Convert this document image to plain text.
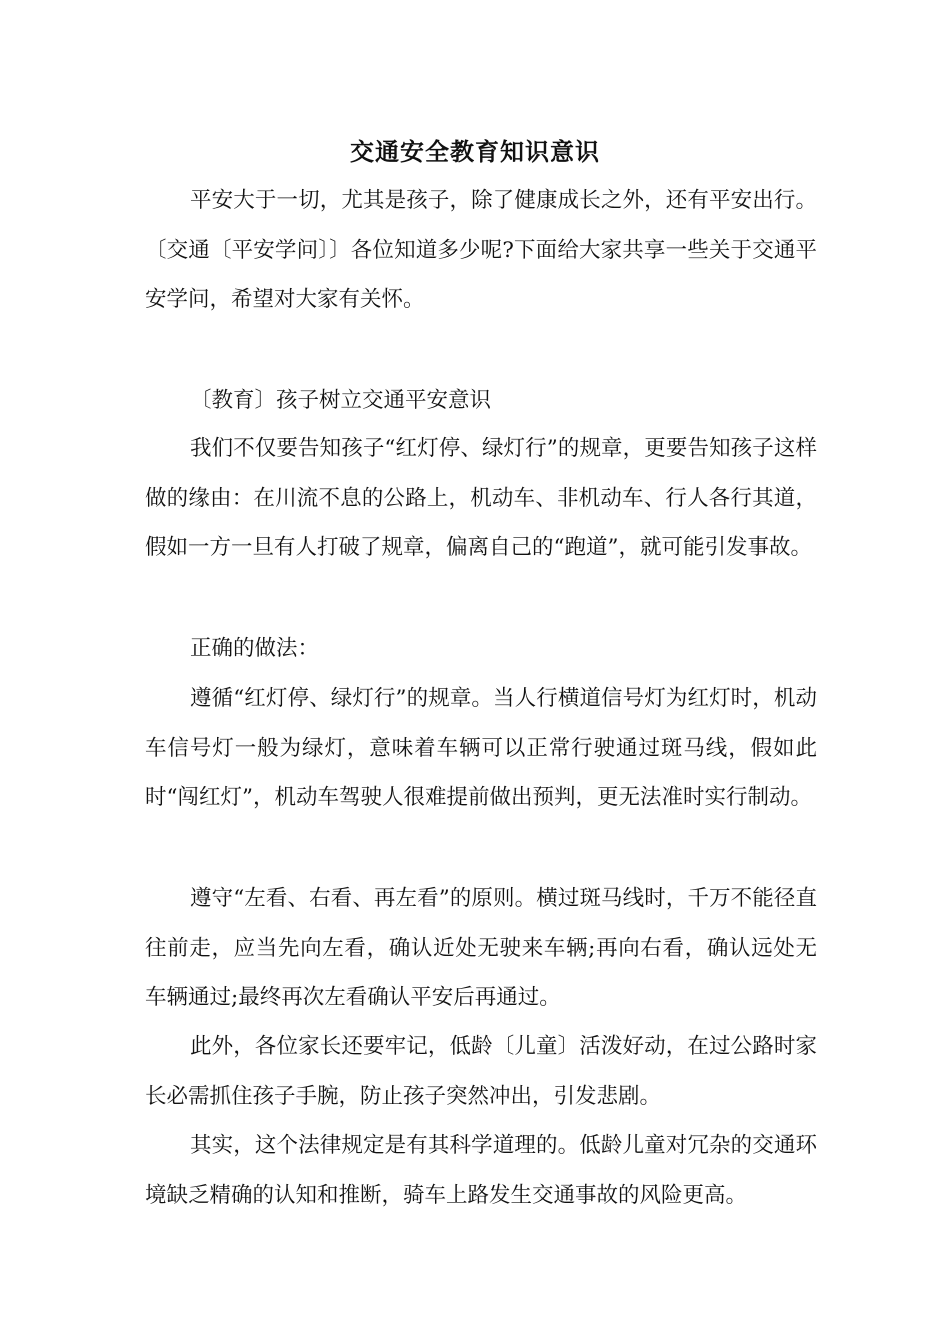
交通安全教育知识意识

平安大于一切，尤其是孩子，除了健康成长之外，还有平安出行。〔交通〔平安学问〕〕各位知道多少呢?下面给大家共享一些关于交通平安学问，希望对大家有关怀。

〔教育〕孩子树立交通平安意识

我们不仅要告知孩子“红灯停、绿灯行”的规章，更要告知孩子这样做的缘由：在川流不息的公路上，机动车、非机动车、行人各行其道，假如一方一旦有人打破了规章，偏离自己的“跑道”，就可能引发事故。

正确的做法：

遵循“红灯停、绿灯行”的规章。当人行横道信号灯为红灯时，机动车信号灯一般为绿灯，意味着车辆可以正常行驶通过斑马线，假如此时“闯红灯”，机动车驾驶人很难提前做出预判，更无法准时实行制动。

遵守“左看、右看、再左看”的原则。横过斑马线时，千万不能径直往前走，应当先向左看，确认近处无驶来车辆;再向右看，确认远处无车辆通过;最终再次左看确认平安后再通过。

此外，各位家长还要牢记，低龄〔儿童〕活泼好动，在过公路时家长必需抓住孩子手腕，防止孩子突然冲出，引发悲剧。

其实，这个法律规定是有其科学道理的。低龄儿童对冗杂的交通环境缺乏精确的认知和推断，骑车上路发生交通事故的风险更高。
